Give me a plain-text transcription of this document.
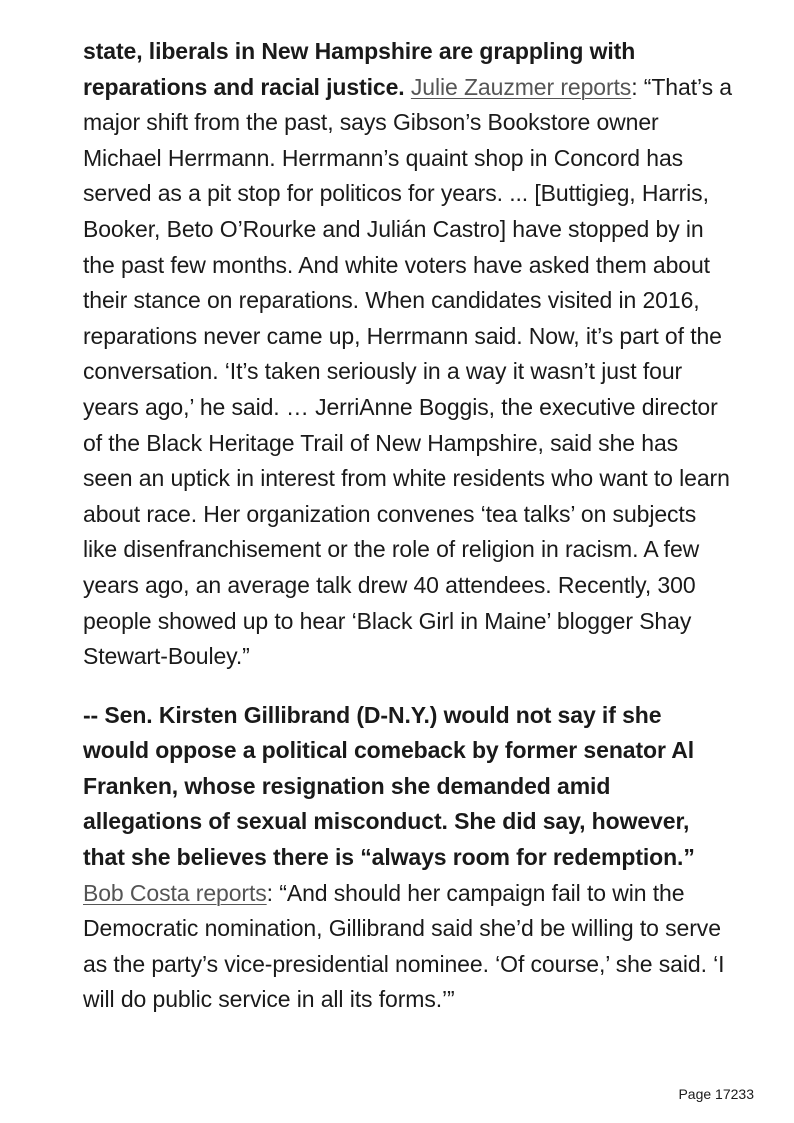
state, liberals in New Hampshire are grappling with reparations and racial justice. Julie Zauzmer reports: “That’s a major shift from the past, says Gibson’s Bookstore owner Michael Herrmann. Herrmann’s quaint shop in Concord has served as a pit stop for politicos for years. ... [Buttigieg, Harris, Booker, Beto O’Rourke and Julián Castro] have stopped by in the past few months. And white voters have asked them about their stance on reparations. When candidates visited in 2016, reparations never came up, Herrmann said. Now, it’s part of the conversation. ‘It’s taken seriously in a way it wasn’t just four years ago,’ he said. … JerriAnne Boggis, the executive director of the Black Heritage Trail of New Hampshire, said she has seen an uptick in interest from white residents who want to learn about race. Her organization convenes ‘tea talks’ on subjects like disenfranchisement or the role of religion in racism. A few years ago, an average talk drew 40 attendees. Recently, 300 people showed up to hear ‘Black Girl in Maine’ blogger Shay Stewart-Bouley.”

-- Sen. Kirsten Gillibrand (D-N.Y.) would not say if she would oppose a political comeback by former senator Al Franken, whose resignation she demanded amid allegations of sexual misconduct. She did say, however, that she believes there is “always room for redemption.” Bob Costa reports: “And should her campaign fail to win the Democratic nomination, Gillibrand said she’d be willing to serve as the party’s vice-presidential nominee. ‘Of course,’ she said. ‘I will do public service in all its forms.’”

Page 17233
